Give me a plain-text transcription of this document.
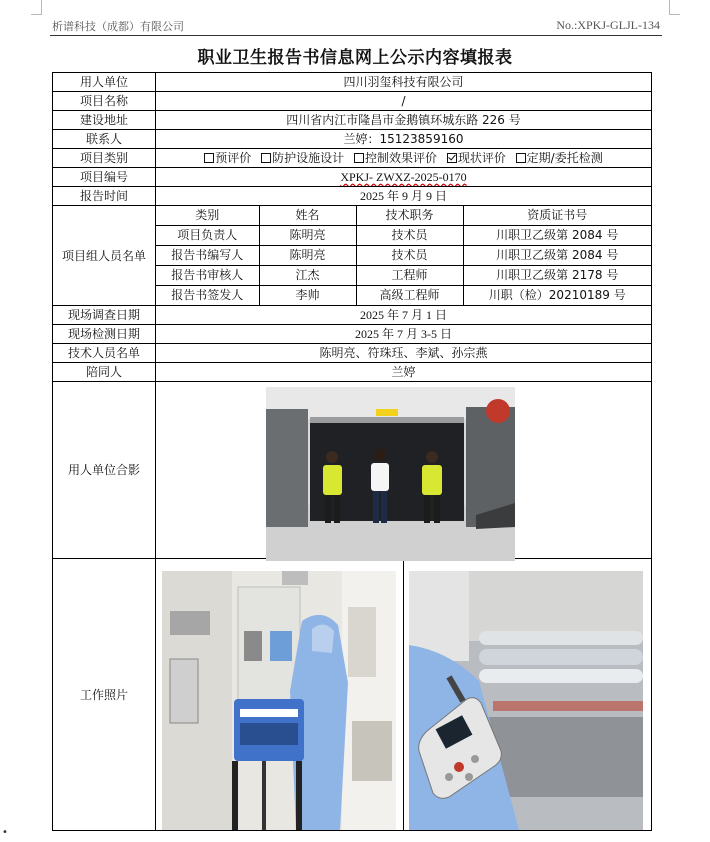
析谱科技（成都）有限公司	No.:XPKJ-GLJL-134
职业卫生报告书信息网上公示内容填报表
用人单位	四川羽玺科技有限公司
项目名称	/
建设地址	四川省内江市隆昌市金鹅镇环城东路 226 号
联系人	兰婷：15123859160
项目类别	预评价 防护设施设计 控制效果评价 现状评价 定期/委托检测
项目编号	XPKJ- ZWXZ-2025-0170
报告时间	2025 年 9 月 9 日
项目组人员名单	
类别	姓名	技术职务	资质证书号
项目负责人	陈明亮	技术员	川职卫乙级第 2084 号
报告书编写人	陈明亮	技术员	川职卫乙级第 2084 号
报告书审核人	江杰	工程师	川职卫乙级第 2178 号
报告书签发人	李帅	高级工程师	川职（检）20210189 号

现场调查日期	2025 年 7 月 1 日
现场检测日期	2025 年 7 月 3-5 日
技术人员名单	陈明亮、符珠珏、李斌、孙宗燕
陪同人	兰婷
用人单位合影	
工作照片	
•
